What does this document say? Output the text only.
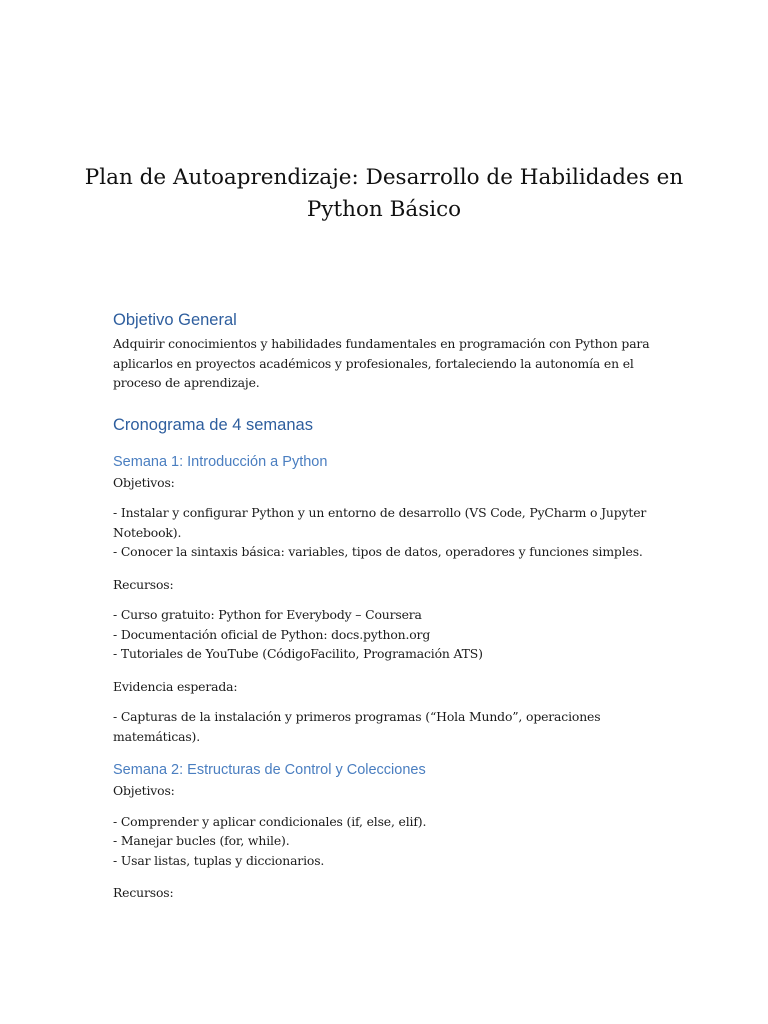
Plan de Autoaprendizaje: Desarrollo de Habilidades en Python Básico
Objetivo General

Adquirir conocimientos y habilidades fundamentales en programación con Python para aplicarlos en proyectos académicos y profesionales, fortaleciendo la autonomía en el proceso de aprendizaje.

Cronograma de 4 semanas
Semana 1: Introducción a Python

Objetivos:

- Instalar y configurar Python y un entorno de desarrollo (VS Code, PyCharm o Jupyter Notebook).
- Conocer la sintaxis básica: variables, tipos de datos, operadores y funciones simples.

Recursos:

- Curso gratuito: Python for Everybody – Coursera
- Documentación oficial de Python: docs.python.org
- Tutoriales de YouTube (CódigoFacilito, Programación ATS)

Evidencia esperada:

- Capturas de la instalación y primeros programas (“Hola Mundo”, operaciones matemáticas).
Semana 2: Estructuras de Control y Colecciones

Objetivos:

- Comprender y aplicar condicionales (if, else, elif).
- Manejar bucles (for, while).
- Usar listas, tuplas y diccionarios.

Recursos:
